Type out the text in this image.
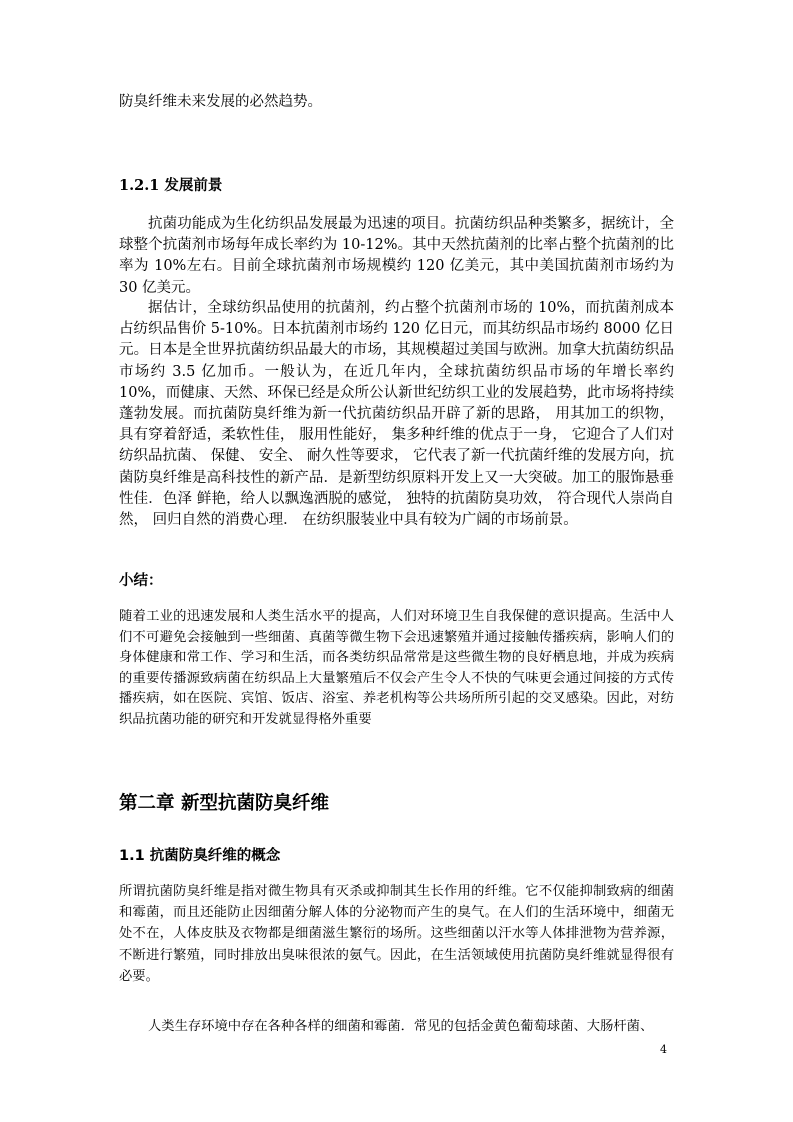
防臭纤维未来发展的必然趋势。

1.2.1 发展前景

抗菌功能成为生化纺织品发展最为迅速的项目。抗菌纺织品种类繁多，据统计，全球整个抗菌剂市场每年成长率约为 10-12%。其中天然抗菌剂的比率占整个抗菌剂的比率为 10%左右。目前全球抗菌剂市场规模约 120 亿美元，其中美国抗菌剂市场约为 30 亿美元。

据估计，全球纺织品使用的抗菌剂，约占整个抗菌剂市场的 10%，而抗菌剂成本占纺织品售价 5-10%。日本抗菌剂市场约 120 亿日元，而其纺织品市场约 8000 亿日元。日本是全世界抗菌纺织品最大的市场，其规模超过美国与欧洲。加拿大抗菌纺织品市场约 3.5 亿加币。一般认为，在近几年内，全球抗菌纺织品市场的年增长率约 10%，而健康、天然、环保已经是众所公认新世纪纺织工业的发展趋势，此市场将持续蓬勃发展。而抗菌防臭纤维为新一代抗菌纺织品开辟了新的思路， 用其加工的织物， 具有穿着舒适，柔软性佳， 服用性能好， 集多种纤维的优点于一身， 它迎合了人们对纺织品抗菌、 保健、 安全、 耐久性等要求， 它代表了新一代抗菌纤维的发展方向，抗菌防臭纤维是高科技性的新产品．是新型纺织原料开发上又一大突破。加工的服饰悬垂性佳．色泽 鲜艳，给人以飘逸洒脱的感觉， 独特的抗菌防臭功效， 符合现代人崇尚自然， 回归自然的消费心理． 在纺织服装业中具有较为广阔的市场前景。

小结：

随着工业的迅速发展和人类生活水平的提高，人们对环境卫生自我保健的意识提高。生活中人们不可避免会接触到一些细菌、真菌等微生物下会迅速繁殖并通过接触传播疾病，影响人们的身体健康和常工作、学习和生活，而各类纺织品常常是这些微生物的良好栖息地，并成为疾病的重要传播源致病菌在纺织品上大量繁殖后不仅会产生令人不快的气味更会通过间接的方式传播疾病，如在医院、宾馆、饭店、浴室、养老机构等公共场所所引起的交叉感染。因此，对纺织品抗菌功能的研究和开发就显得格外重要

第二章 新型抗菌防臭纤维
1.1 抗菌防臭纤维的概念

所谓抗菌防臭纤维是指对微生物具有灭杀或抑制其生长作用的纤维。它不仅能抑制致病的细菌和霉菌，而且还能防止因细菌分解人体的分泌物而产生的臭气。在人们的生活环境中，细菌无处不在，人体皮肤及衣物都是细菌滋生繁衍的场所。这些细菌以汗水等人体排泄物为营养源，不断进行繁殖，同时排放出臭味很浓的氨气。因此，在生活领域使用抗菌防臭纤维就显得很有必要。

人类生存环境中存在各种各样的细菌和霉菌．常见的包括金黄色葡萄球菌、大肠杆菌、

4
